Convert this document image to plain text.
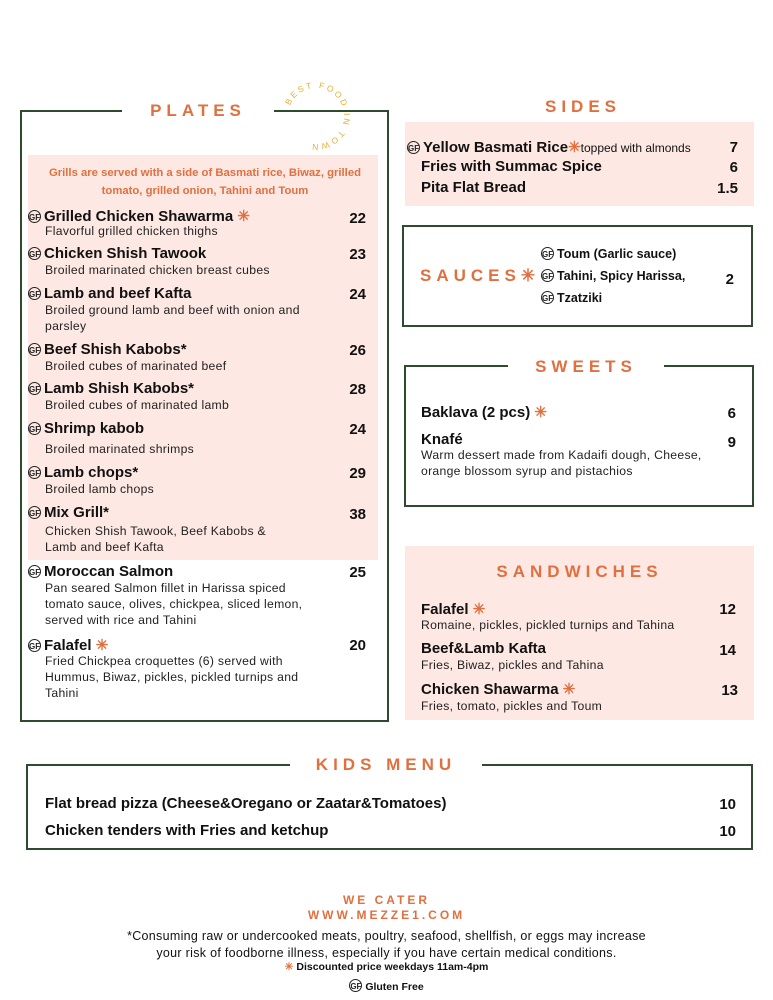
PLATES
BEST FOOD IN TOWN
Grills are served with a side of Basmati rice, Biwaz, grilled tomato, grilled onion, Tahini and Toum
GF Grilled Chicken Shawarma ✳	22
Flavorful grilled chicken thighs
GF Chicken Shish Tawook	23
Broiled marinated chicken breast cubes
GF Lamb and beef Kafta	24
Broiled ground lamb and beef with onion and parsley
GF Beef Shish Kabobs*	26
Broiled cubes of marinated beef
GF Lamb Shish Kabobs*	28
Broiled cubes of marinated lamb
GF Shrimp kabob	24
Broiled marinated shrimps
GF Lamb chops*	29
Broiled lamb chops
GF Mix Grill*	38
Chicken Shish Tawook, Beef Kabobs & Lamb and beef Kafta
GF Moroccan Salmon	25
Pan seared Salmon fillet in Harissa spiced tomato sauce, olives, chickpea, sliced lemon, served with rice and Tahini
GF Falafel ✳	20
Fried Chickpea croquettes (6) served with Hummus, Biwaz, pickles, pickled turnips and Tahini
SIDES
GF Yellow Basmati Rice✳topped with almonds	7
Fries with Summac Spice	6
Pita Flat Bread	1.5
SAUCES✳
GF Toum (Garlic sauce)
GF Tahini, Spicy Harissa,
GF Tzatziki
2
SWEETS
Baklava (2 pcs) ✳	6
Knafé	9
Warm dessert made from Kadaifi dough, Cheese, orange blossom syrup and pistachios
SANDWICHES
Falafel ✳	12
Romaine, pickles, pickled turnips and Tahina
Beef&Lamb Kafta	14
Fries, Biwaz, pickles and Tahina
Chicken Shawarma ✳	13
Fries, tomato, pickles and Toum
KIDS MENU
Flat bread pizza (Cheese&Oregano or Zaatar&Tomatoes)	10
Chicken tenders with Fries and ketchup	10
WE CATER
WWW.MEZZE1.COM
*Consuming raw or undercooked meats, poultry, seafood, shellfish, or eggs may increase
your risk of foodborne illness, especially if you have certain medical conditions.
✳ Discounted price weekdays 11am-4pm
GF Gluten Free
